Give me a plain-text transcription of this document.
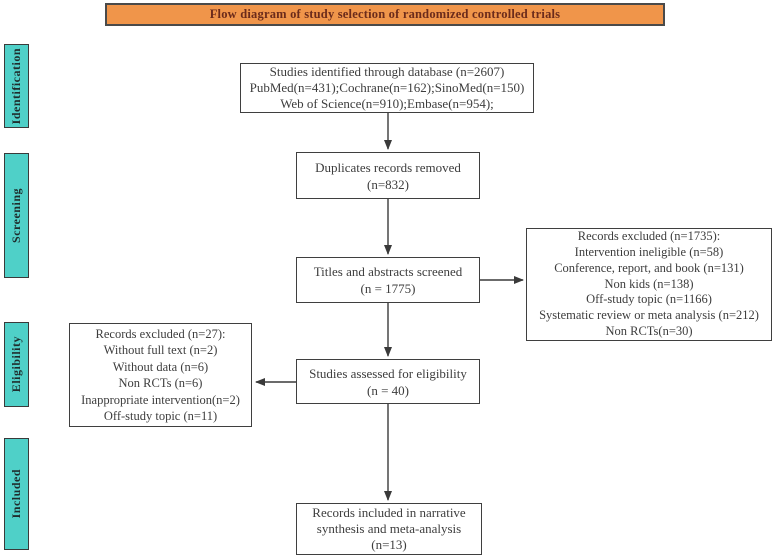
Flow diagram of study selection of randomized controlled trials
Identification
Screening
Eligibility
Included
Studies identified through database (n=2607)
PubMed(n=431);Cochrane(n=162);SinoMed(n=150)
Web of Science(n=910);Embase(n=954);
Duplicates records removed
(n=832)
Titles and abstracts screened
(n = 1775)
Records excluded (n=1735):
Intervention ineligible (n=58)
Conference, report, and book (n=131)
Non kids (n=138)
Off-study topic (n=1166)
Systematic review or meta analysis (n=212)
Non RCTs(n=30)
Studies assessed for eligibility
(n = 40)
Records excluded (n=27):
Without full text (n=2)
Without data (n=6)
Non RCTs (n=6)
Inappropriate intervention(n=2)
Off-study topic (n=11)
Records included in narrative
synthesis and meta-analysis
(n=13)
